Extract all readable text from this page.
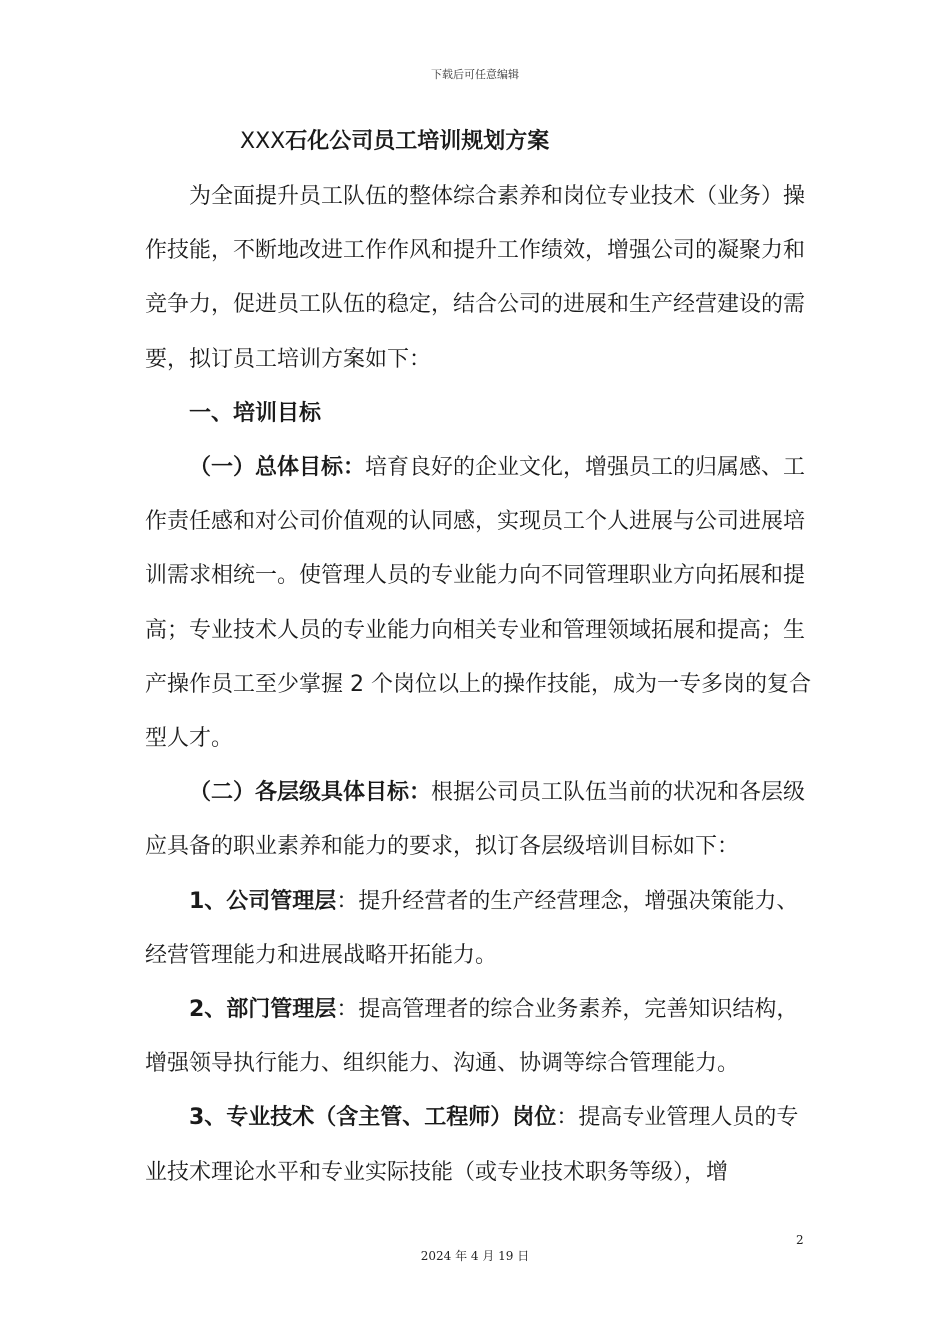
下载后可任意编辑
XXX石化公司员工培训规划方案

为全面提升员工队伍的整体综合素养和岗位专业技术（业务）操作技能，不断地改进工作作风和提升工作绩效，增强公司的凝聚力和竞争力，促进员工队伍的稳定，结合公司的进展和生产经营建设的需要，拟订员工培训方案如下：

一、培训目标

（一）总体目标：培育良好的企业文化，增强员工的归属感、工作责任感和对公司价值观的认同感，实现员工个人进展与公司进展培训需求相统一。使管理人员的专业能力向不同管理职业方向拓展和提高；专业技术人员的专业能力向相关专业和管理领域拓展和提高；生产操作员工至少掌握 2 个岗位以上的操作技能，成为一专多岗的复合型人才。

（二）各层级具体目标：根据公司员工队伍当前的状况和各层级应具备的职业素养和能力的要求，拟订各层级培训目标如下：

1、公司管理层：提升经营者的生产经营理念，增强决策能力、经营管理能力和进展战略开拓能力。

2、部门管理层：提高管理者的综合业务素养，完善知识结构，增强领导执行能力、组织能力、沟通、协调等综合管理能力。

3、专业技术（含主管、工程师）岗位：提高专业管理人员的专业技术理论水平和专业实际技能（或专业技术职务等级），增

2
2024 年 4 月 19 日
